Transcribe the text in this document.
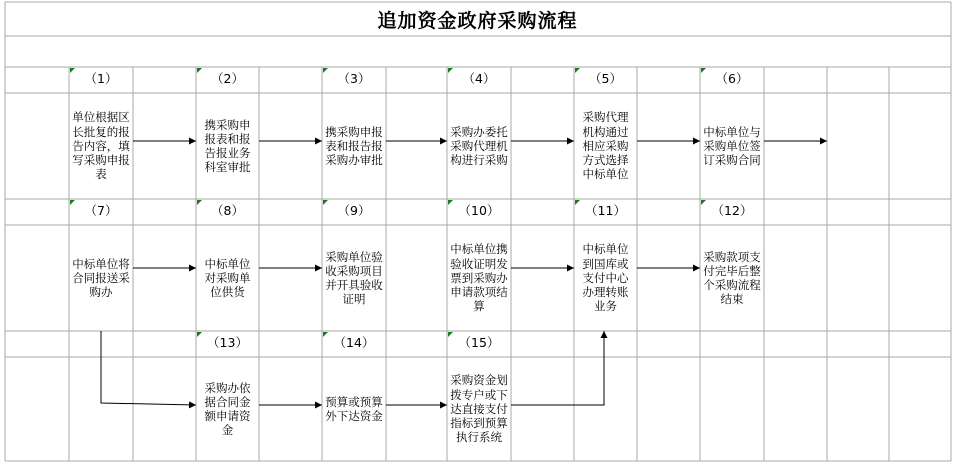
追加资金政府采购流程
（1）	（2）	（3）	（4）	（5）	（6）
（7）	（8）	（9）	（10）	（11）	（12）
（13）	（14）	（15）
单位根据区长批复的报告内容，填写采购申报表
携采购申报表和报告报业务科室审批
携采购申报表和报告报采购办审批
采购办委托采购代理机构进行采购
采购代理机构通过相应采购方式选择中标单位
中标单位与采购单位签订采购合同
中标单位将合同报送采购办
中标单位对采购单位供货
采购单位验收采购项目并开具验收证明
中标单位携验收证明发票到采购办申请款项结算
中标单位到国库或支付中心办理转账业务
采购款项支付完毕后整个采购流程结束
采购办依据合同金额申请资金
预算或预算外下达资金
采购资金划拨专户或下达直接支付指标到预算执行系统
